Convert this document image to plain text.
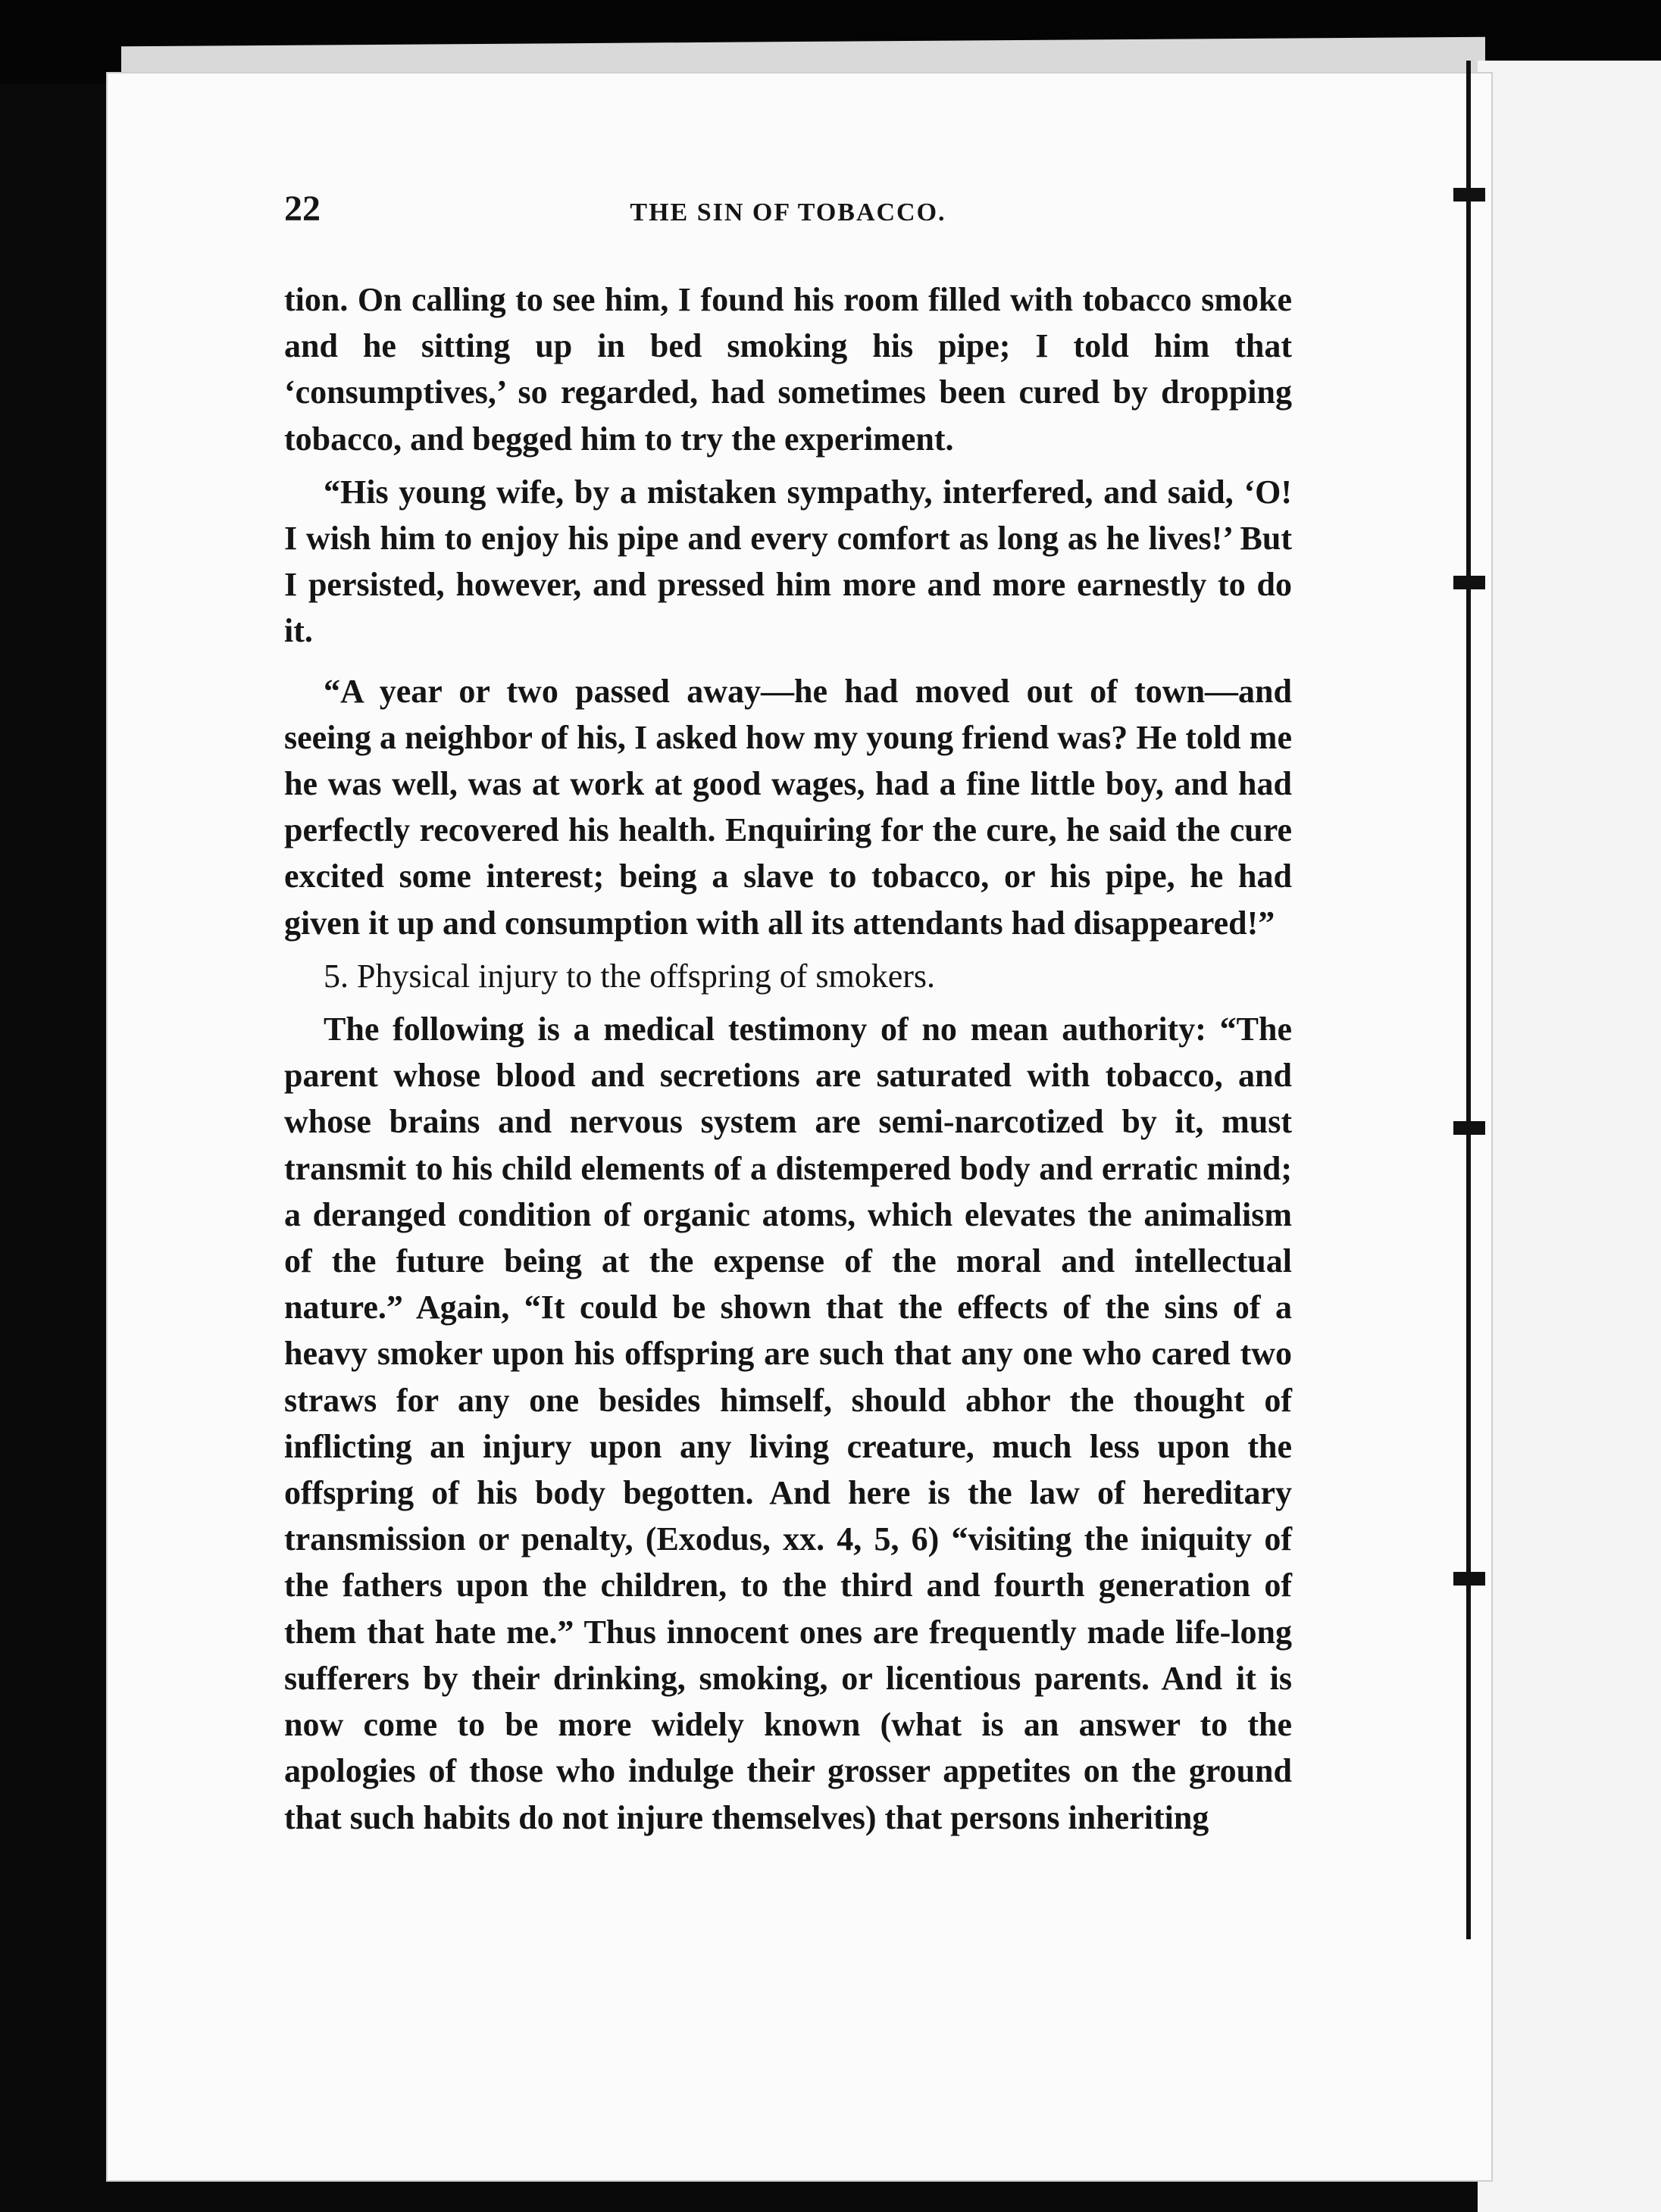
22	THE SIN OF TOBACCO.

tion. On calling to see him, I found his room filled with tobacco smoke and he sitting up in bed smoking his pipe; I told him that ‘consumptives,’ so regarded, had sometimes been cured by dropping tobacco, and begged him to try the experiment.

“His young wife, by a mistaken sympathy, interfered, and said, ‘O! I wish him to enjoy his pipe and every comfort as long as he lives!’ But I persisted, however, and pressed him more and more earnestly to do it.

“A year or two passed away—he had moved out of town—and seeing a neighbor of his, I asked how my young friend was? He told me he was well, was at work at good wages, had a fine little boy, and had perfectly recovered his health. Enquiring for the cure, he said the cure excited some interest; being a slave to tobacco, or his pipe, he had given it up and consumption with all its attendants had disappeared!”

5. Physical injury to the offspring of smokers.

The following is a medical testimony of no mean authority: “The parent whose blood and secretions are saturated with tobacco, and whose brains and nervous system are semi-narcotized by it, must transmit to his child elements of a distempered body and erratic mind; a deranged condition of organic atoms, which elevates the animalism of the future being at the expense of the moral and intellectual nature.” Again, “It could be shown that the effects of the sins of a heavy smoker upon his offspring are such that any one who cared two straws for any one besides himself, should abhor the thought of inflicting an injury upon any living creature, much less upon the offspring of his body begotten. And here is the law of hereditary transmission or penalty, (Exodus, xx. 4, 5, 6) “visiting the iniquity of the fathers upon the children, to the third and fourth generation of them that hate me.” Thus innocent ones are frequently made life-long sufferers by their drinking, smoking, or licentious parents. And it is now come to be more widely known (what is an answer to the apologies of those who indulge their grosser appetites on the ground that such habits do not injure themselves) that persons inheriting
